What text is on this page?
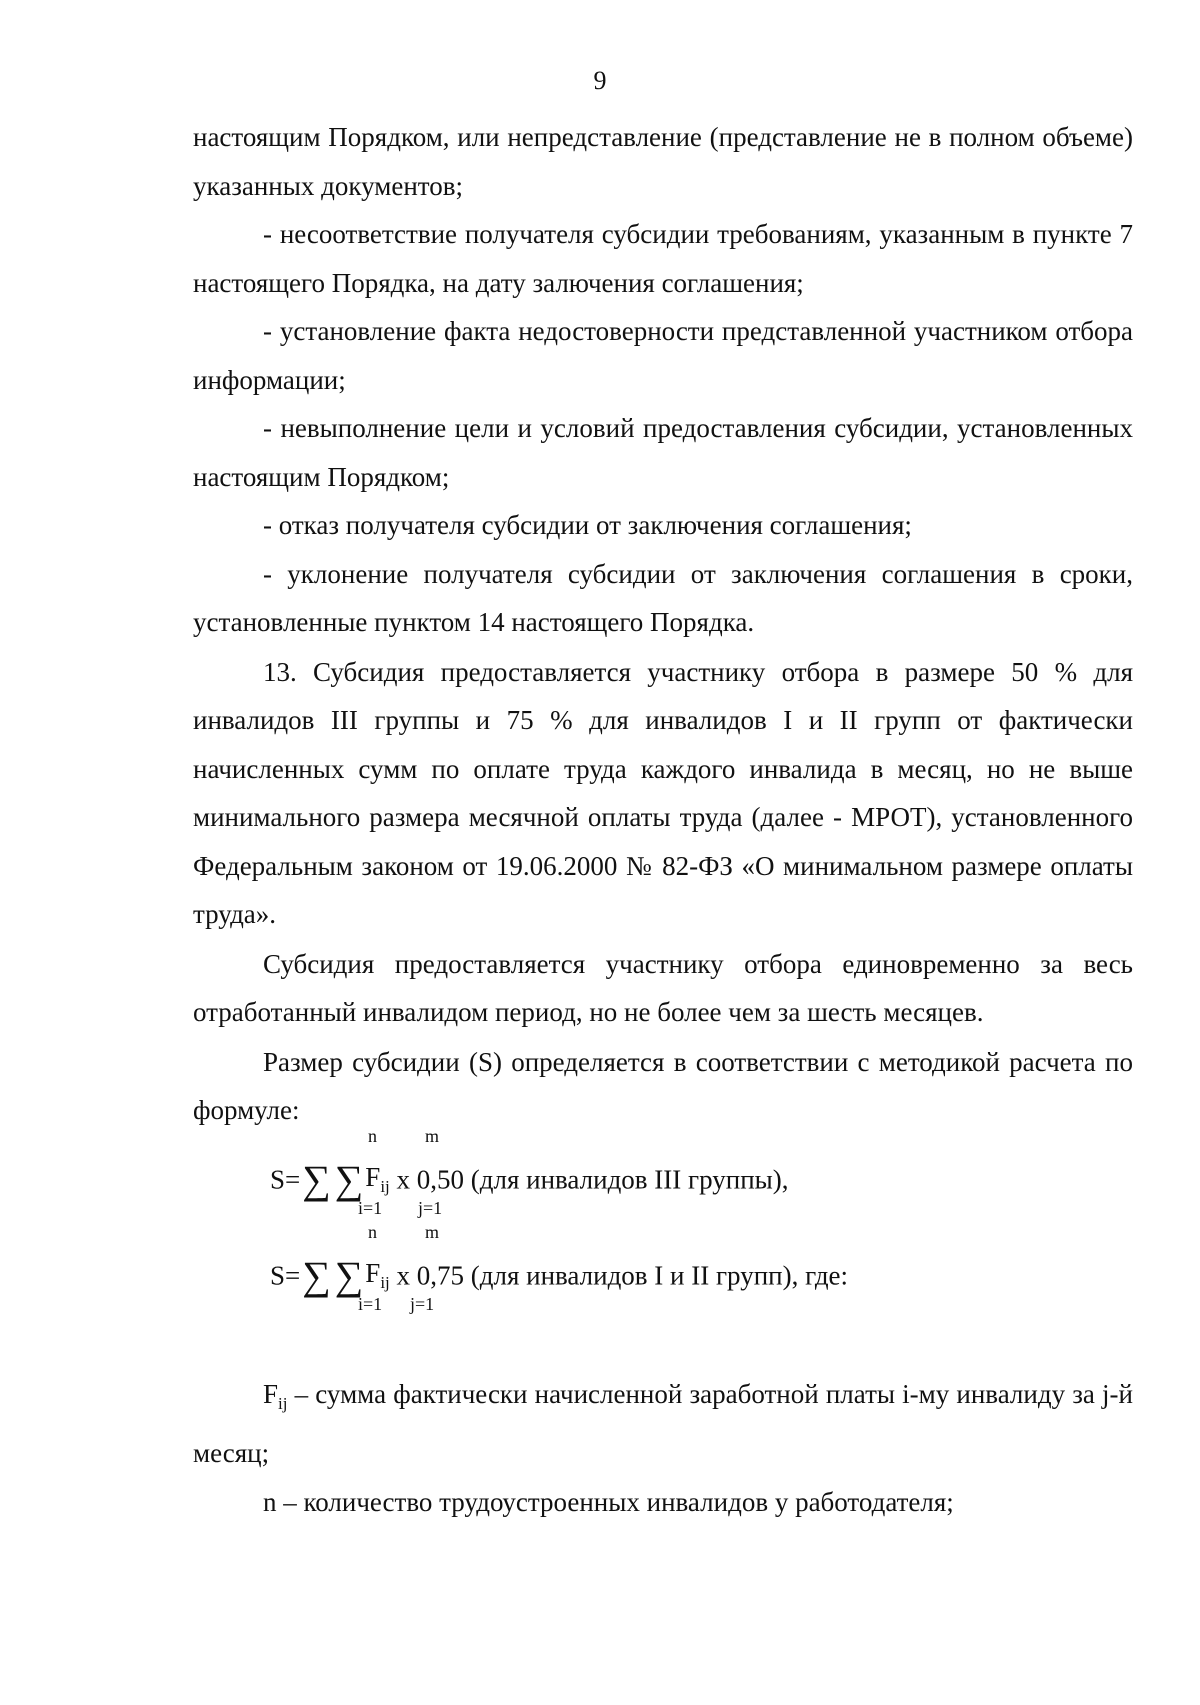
9

настоящим Порядком, или непредставление (представление не в полном объеме) указанных документов;

- несоответствие получателя субсидии требованиям, указанным в пункте 7 настоящего Порядка, на дату залючения соглашения;

- установление факта недостоверности представленной участником отбора информации;

- невыполнение цели и условий предоставления субсидии, установленных настоящим Порядком;

- отказ получателя субсидии от заключения соглашения;

- уклонение получателя субсидии от заключения соглашения в сроки, установленные пунктом 14 настоящего Порядка.

13. Субсидия предоставляется участнику отбора в размере 50 % для инвалидов III группы и 75 % для инвалидов I и II групп от фактически начисленных сумм по оплате труда каждого инвалида в месяц, но не выше минимального размера месячной оплаты труда (далее - МРОТ), установленного Федеральным законом от 19.06.2000 № 82-ФЗ «О минимальном размере оплаты труда».

Субсидия предоставляется участнику отбора единовременно за весь отработанный инвалидом период, но не более чем за шесть месяцев.

Размер субсидии (S) определяется в соответствии с методикой расчета по формуле:

n	m
S=∑ $\sum F_{ij}$ x 0,50 (для инвалидов III группы),
i=1 j=1
n	m
S=∑ $\sum F_{ij}$ x 0,75 (для инвалидов I и II групп), где:
i=1 j=1

$F_{ij}$ – сумма фактически начисленной заработной платы i-му инвалиду за j-й месяц;

n – количество трудоустроенных инвалидов у работодателя;
